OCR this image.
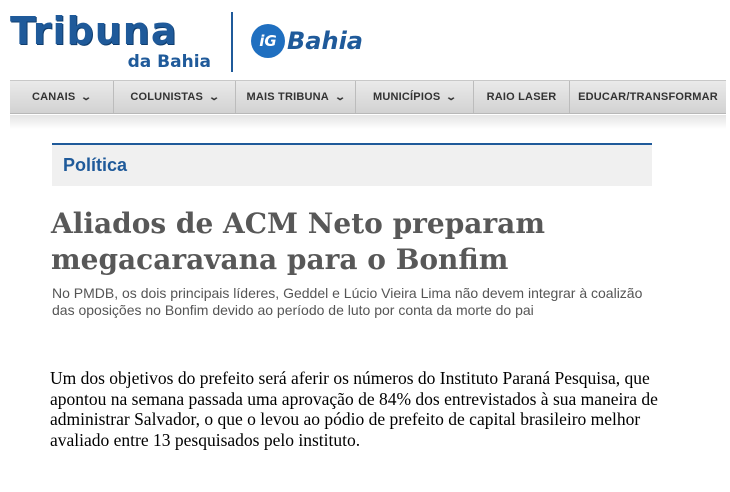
Tribuna
da Bahia
iG Bahia
CANAIS ⌄	COLUNISTAS ⌄ MAIS TRIBUNA ⌄ MUNICÍPIOS ⌄	RAIO LASER EDUCAR/TRANSFORMAR
Política
Aliados de ACM Neto preparam megacaravana para o Bonfim

No PMDB, os dois principais líderes, Geddel e Lúcio Vieira Lima não devem integrar à coalizão das oposições no Bonfim devido ao período de luto por conta da morte do pai

Um dos objetivos do prefeito será aferir os números do Instituto Paraná Pesquisa, que apontou na semana passada uma aprovação de 84% dos entrevistados à sua maneira de administrar Salvador, o que o levou ao pódio de prefeito de capital brasileiro melhor avaliado entre 13 pesquisados pelo instituto.
